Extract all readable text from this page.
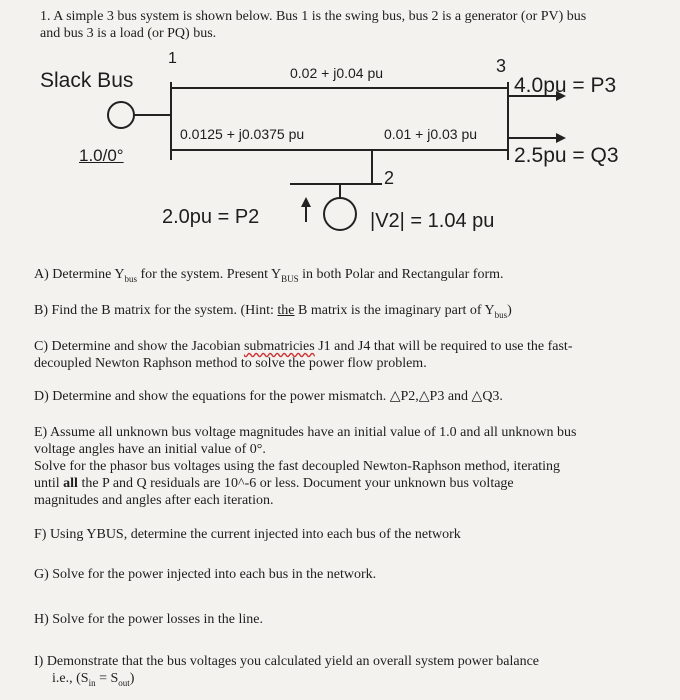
1. A simple 3 bus system is shown below. Bus 1 is the swing bus, bus 2 is a generator (or PV) bus
and bus 3 is a load (or PQ) bus.
1
Slack Bus	0.02 + j0.04 pu	3
4.0pu = P3
0.0125 + j0.0375 pu	0.01 + j0.03 pu
1.0/0°	2.5pu = Q3
2
2.0pu = P2	|V2| = 1.04 pu
A) Determine $Y_{bus}$ for the system. Present $Y_{BUS}$ in both Polar and Rectangular form.
B) Find the B matrix for the system. (Hint: the B matrix is the imaginary part of $Y_{bus}$)
C) Determine and show the Jacobian submatricies J1 and J4 that will be required to use the fast-
decoupled Newton Raphson method to solve the power flow problem.
D) Determine and show the equations for the power mismatch. △P2,△P3 and △Q3.
E) Assume all unknown bus voltage magnitudes have an initial value of 1.0 and all unknown bus
voltage angles have an initial value of 0°.
Solve for the phasor bus voltages using the fast decoupled Newton-Raphson method, iterating
until all the P and Q residuals are 10^-6 or less. Document your unknown bus voltage
magnitudes and angles after each iteration.
F) Using YBUS, determine the current injected into each bus of the network
G) Solve for the power injected into each bus in the network.
H) Solve for the power losses in the line.
I) Demonstrate that the bus voltages you calculated yield an overall system power balance
i.e., $(S_{in} = S_{out})$
